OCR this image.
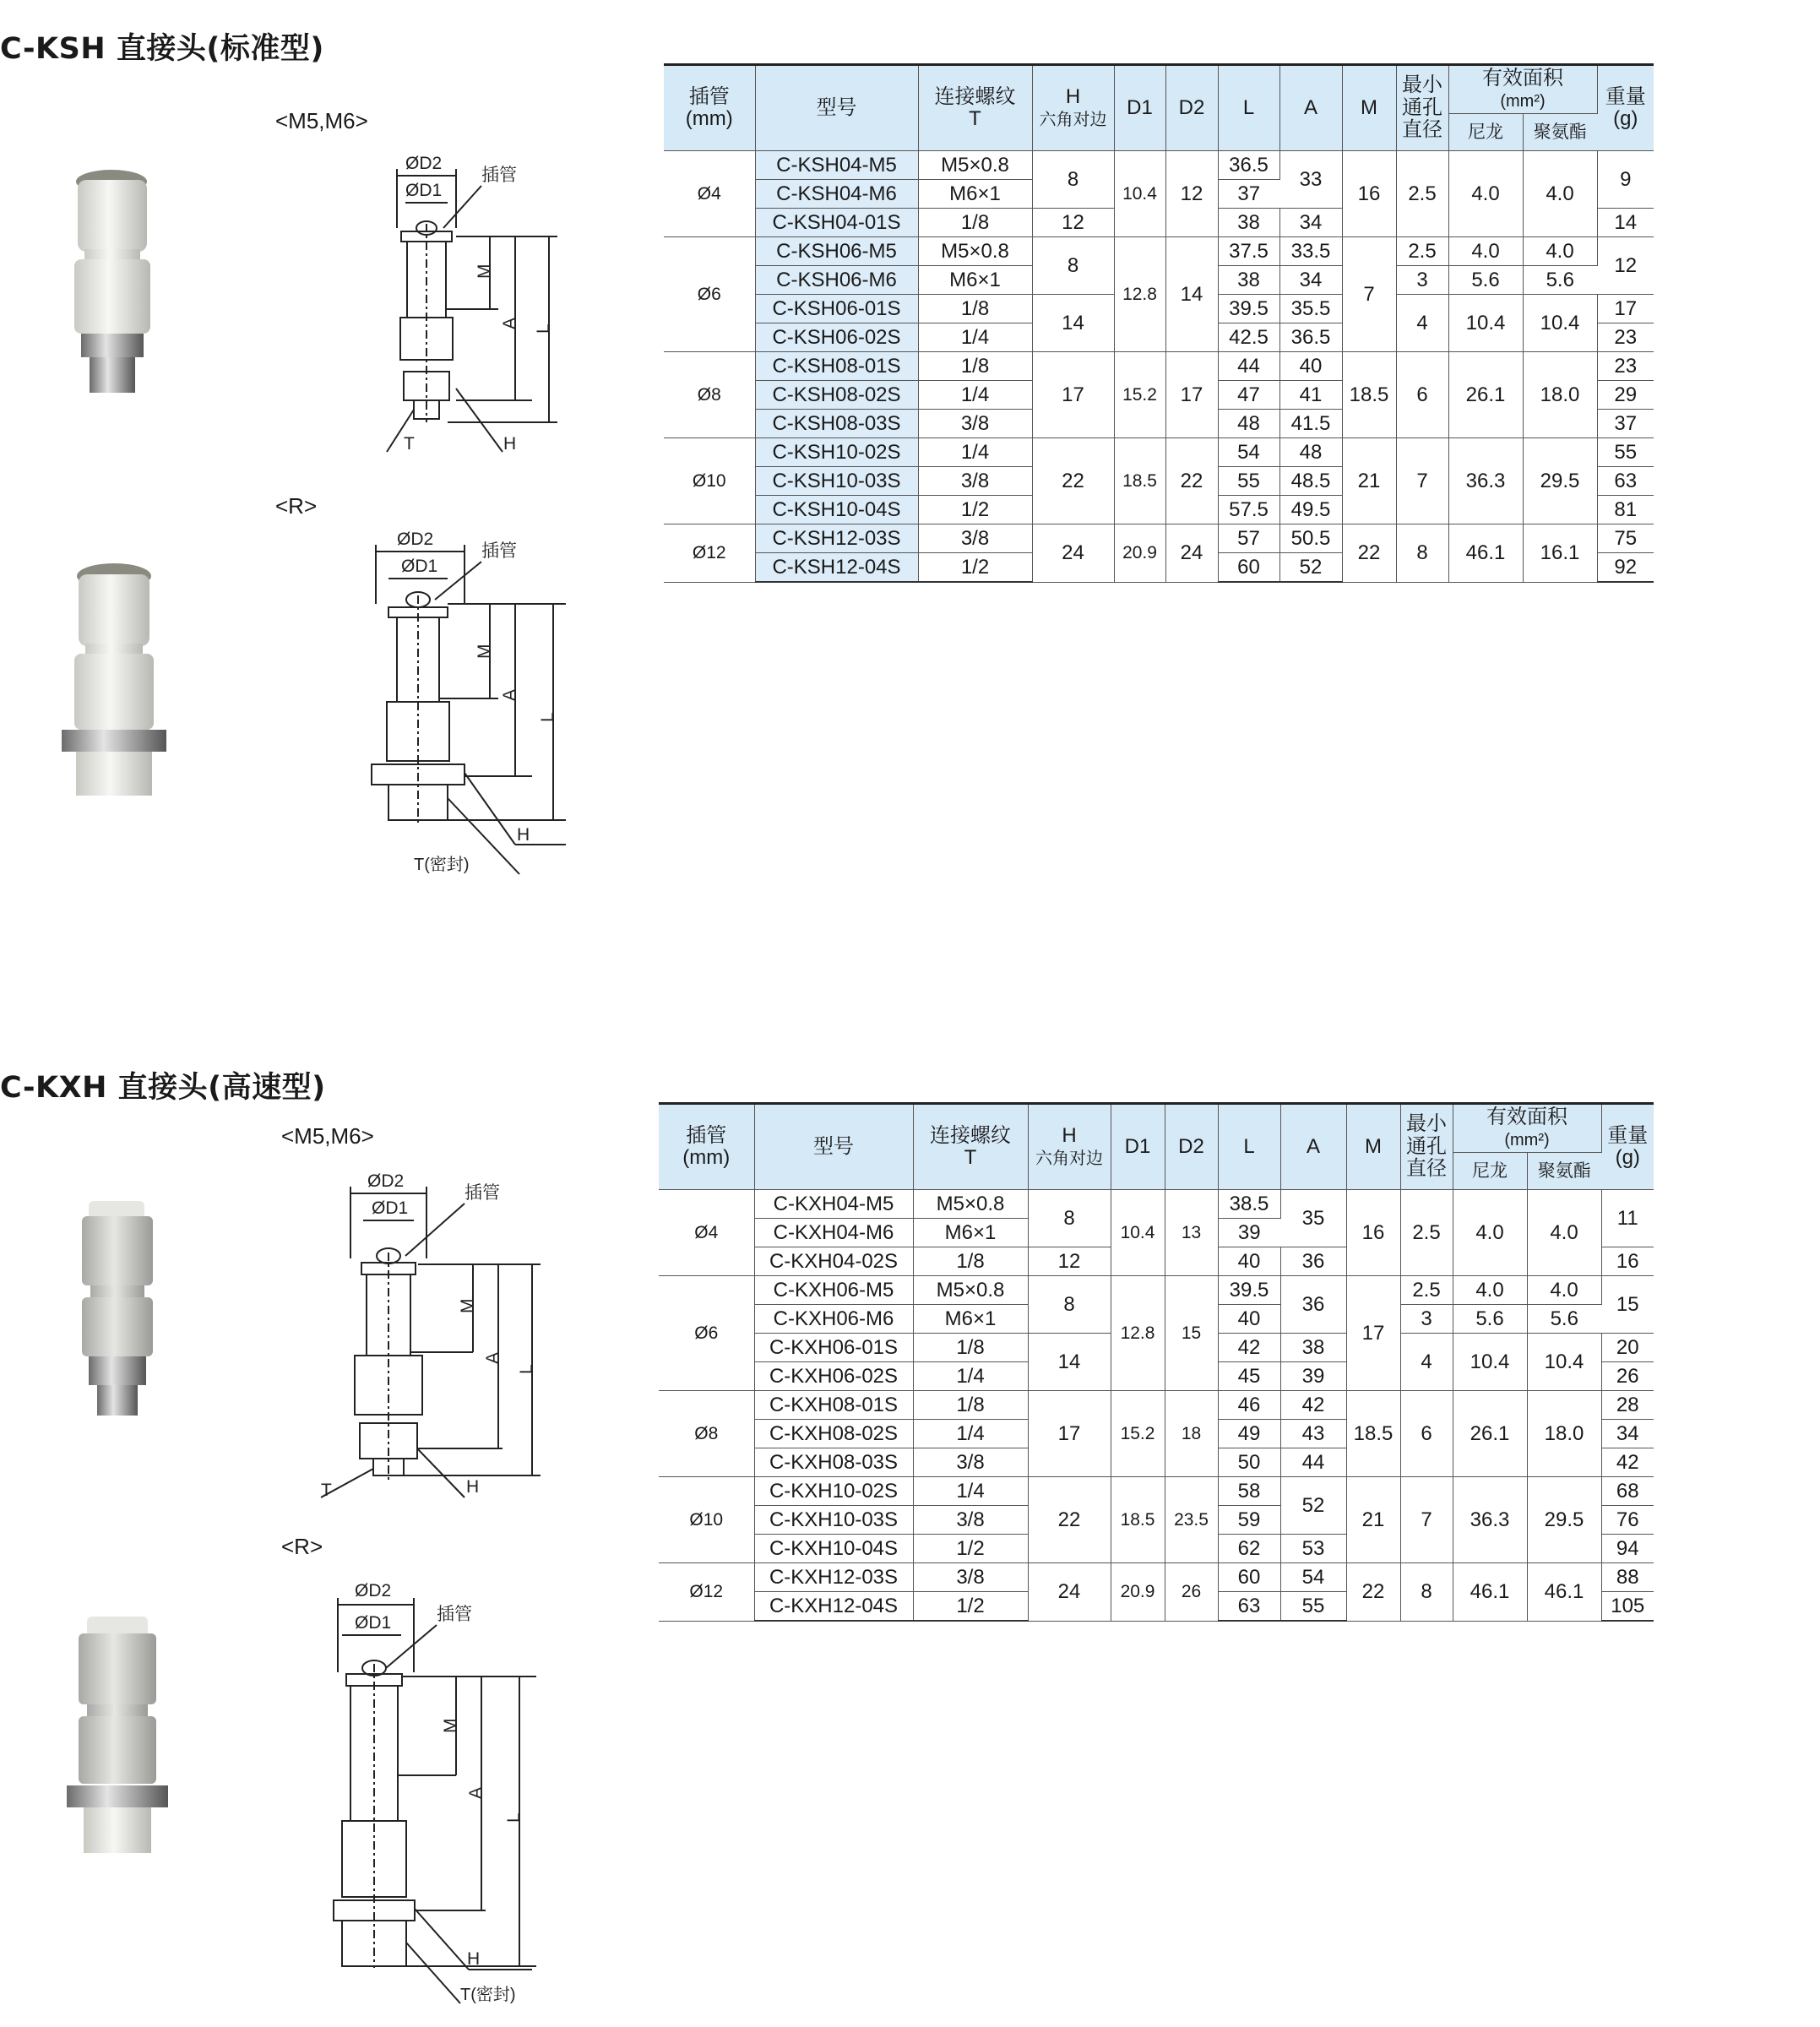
C-KSH 直接头(标准型)
<M5,M6>
<R>
ØD2
ØD1
插管
M
A L
T	H
ØD2
ØD1
插管
M
A
L
H
T(密封)
插管
(mm)	型号	连接螺纹
T	H
六角对边	D1	D2	L	A	M	最小通孔直径	有效面积
(mm²)		重量
(g)
										尼龙	聚氨酯	
Ø4	C-KSH04-M5	M5×0.8	8	10.4	12	36.5	33	16	2.5	4.0	4.0	9
	C-KSH04-M6	M6×1				37						
	C-KSH04-01S	1/8	12			38	34					14
Ø6	C-KSH06-M5	M5×0.8	8	12.8	14	37.5	33.5	7	2.5	4.0	4.0	12
	C-KSH06-M6	M6×1				38	34		3	5.6	5.6	
	C-KSH06-01S	1/8	14			39.5	35.5		4	10.4	10.4	17
	C-KSH06-02S	1/4				42.5	36.5					23
Ø8	C-KSH08-01S	1/8	17	15.2	17	44	40	18.5	6	26.1	18.0	23
	C-KSH08-02S	1/4				47	41					29
	C-KSH08-03S	3/8				48	41.5					37
Ø10	C-KSH10-02S	1/4	22	18.5	22	54	48	21	7	36.3	29.5	55
	C-KSH10-03S	3/8				55	48.5					63
	C-KSH10-04S	1/2				57.5	49.5					81
Ø12	C-KSH12-03S	3/8	24	20.9	24	57	50.5	22	8	46.1	16.1	75
	C-KSH12-04S	1/2				60	52					92
C-KXH 直接头(高速型)
<M5,M6>
<R>
ØD2
ØD1
插管
M
A
L
T	H
ØD2
ØD1	插管
M
A
L
H
T(密封)
插管
(mm)	型号	连接螺纹
T	H
六角对边	D1	D2	L	A	M	最小通孔直径	有效面积
(mm²)		重量
(g)
										尼龙	聚氨酯	
Ø4	C-KXH04-M5	M5×0.8	8	10.4	13	38.5	35	16	2.5	4.0	4.0	11
	C-KXH04-M6	M6×1				39						
	C-KXH04-02S	1/8	12			40	36					16
Ø6	C-KXH06-M5	M5×0.8	8	12.8	15	39.5	36	17	2.5	4.0	4.0	15
	C-KXH06-M6	M6×1				40			3	5.6	5.6	
	C-KXH06-01S	1/8	14			42	38		4	10.4	10.4	20
	C-KXH06-02S	1/4				45	39					26
Ø8	C-KXH08-01S	1/8	17	15.2	18	46	42	18.5	6	26.1	18.0	28
	C-KXH08-02S	1/4				49	43					34
	C-KXH08-03S	3/8				50	44					42
Ø10	C-KXH10-02S	1/4	22	18.5	23.5	58	52	21	7	36.3	29.5	68
	C-KXH10-03S	3/8				59						76
	C-KXH10-04S	1/2				62	53					94
Ø12	C-KXH12-03S	3/8	24	20.9	26	60	54	22	8	46.1	46.1	88
	C-KXH12-04S	1/2				63	55					105
